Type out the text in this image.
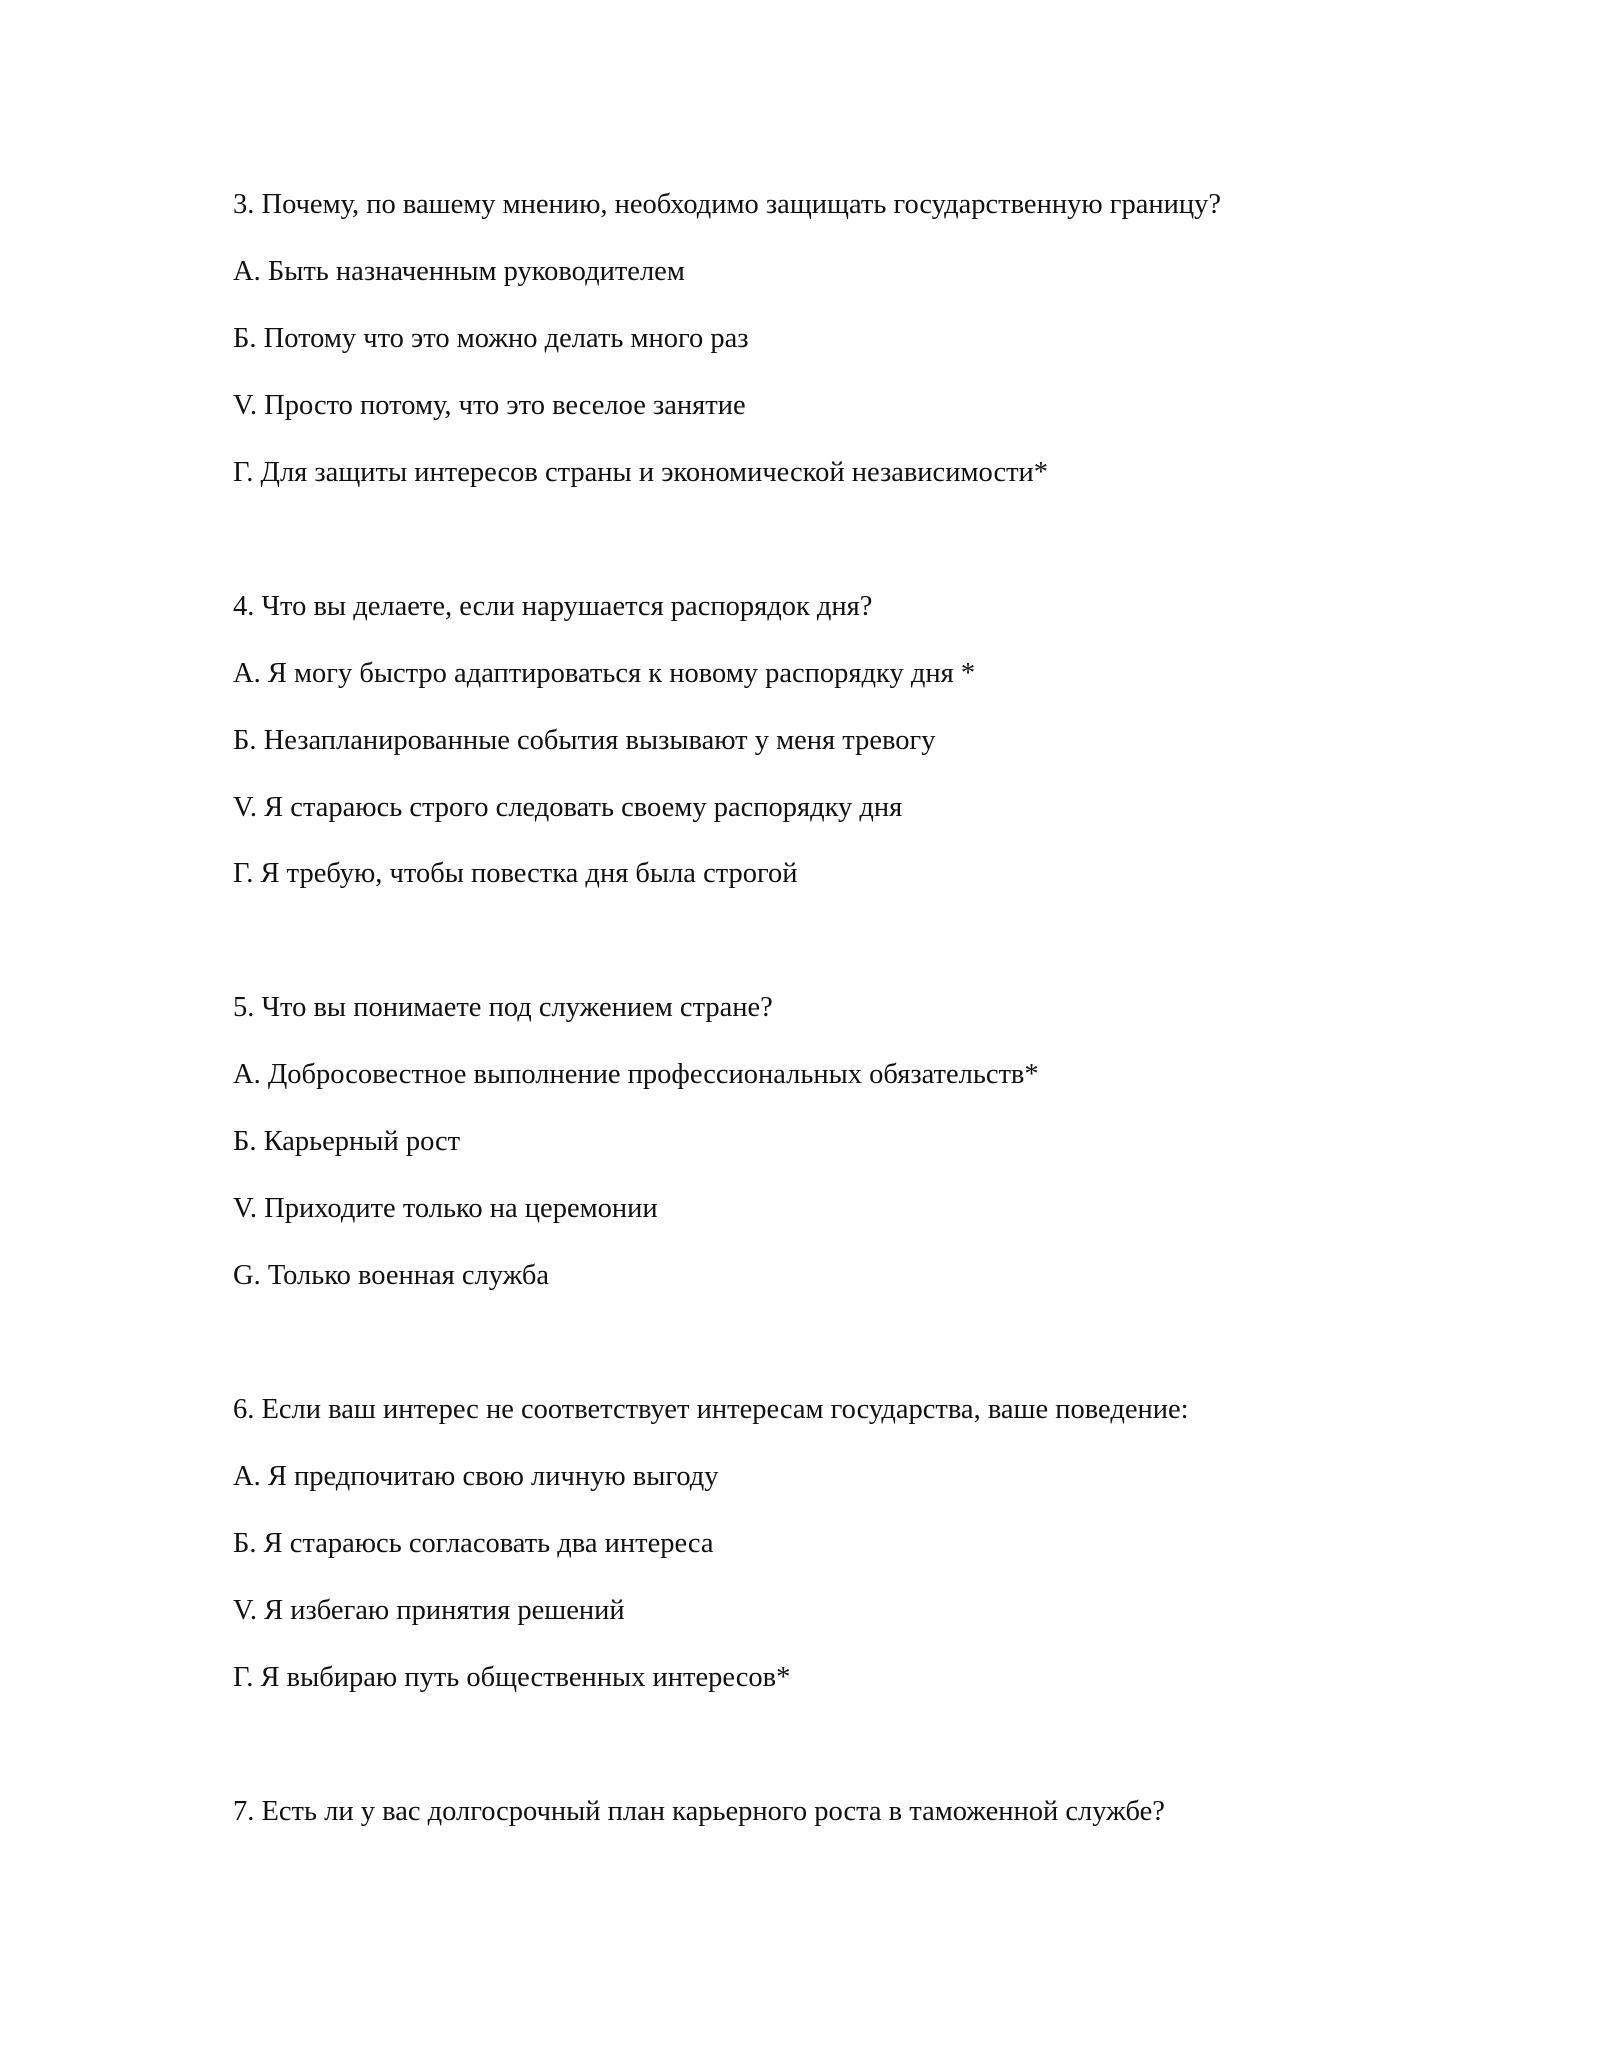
3. Почему, по вашему мнению, необходимо защищать государственную границу?
А. Быть назначенным руководителем
Б. Потому что это можно делать много раз
V. Просто потому, что это веселое занятие
Г. Для защиты интересов страны и экономической независимости*
4. Что вы делаете, если нарушается распорядок дня?
А. Я могу быстро адаптироваться к новому распорядку дня *
Б. Незапланированные события вызывают у меня тревогу
V. Я стараюсь строго следовать своему распорядку дня
Г. Я требую, чтобы повестка дня была строгой
5. Что вы понимаете под служением стране?
А. Добросовестное выполнение профессиональных обязательств*
Б. Карьерный рост
V. Приходите только на церемонии
G. Только военная служба
6. Если ваш интерес не соответствует интересам государства, ваше поведение:
А. Я предпочитаю свою личную выгоду
Б. Я стараюсь согласовать два интереса
V. Я избегаю принятия решений
Г. Я выбираю путь общественных интересов*
7. Есть ли у вас долгосрочный план карьерного роста в таможенной службе?
